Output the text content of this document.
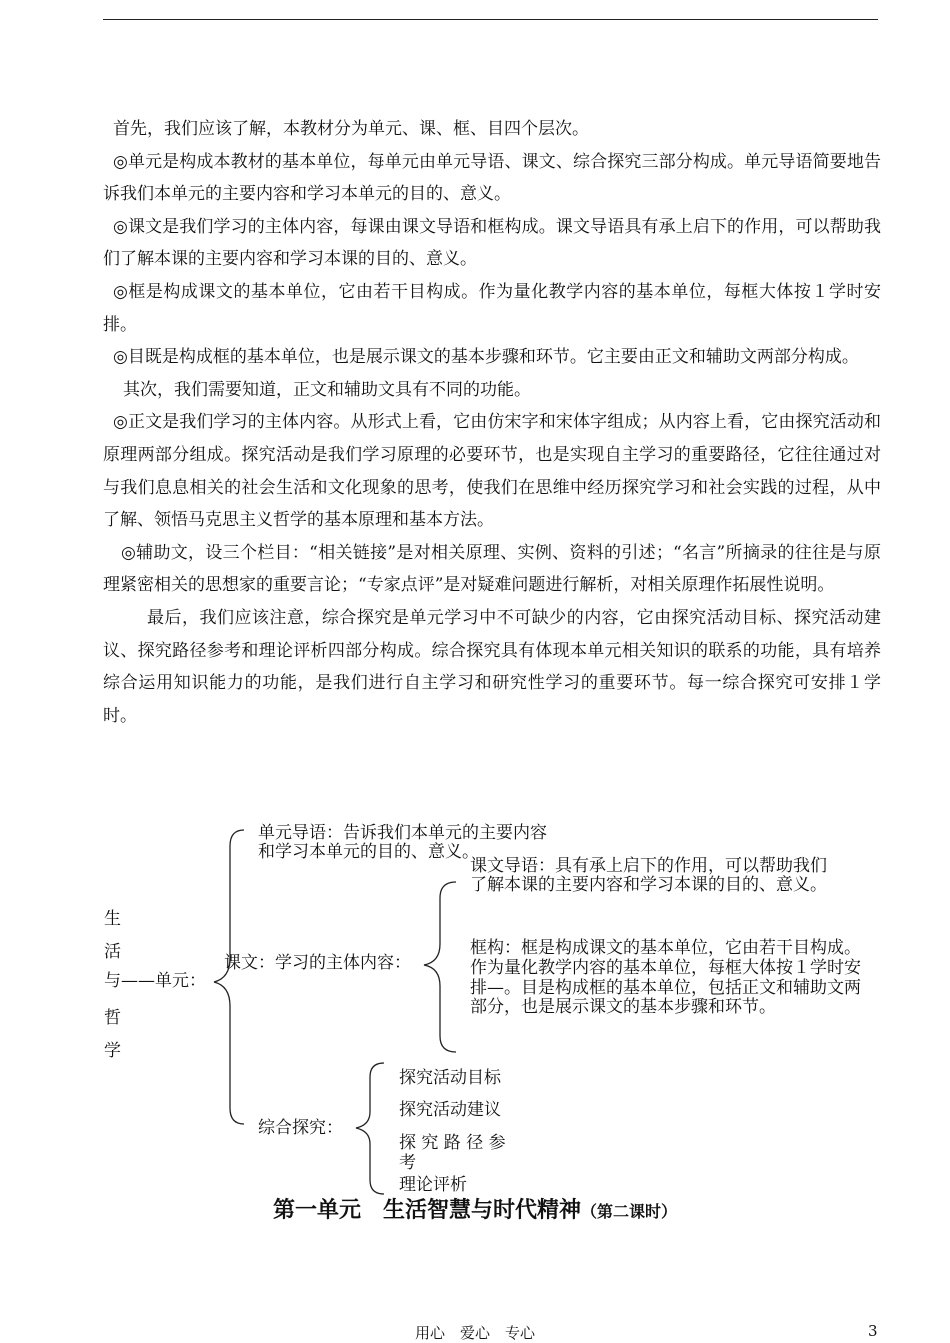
首先，我们应该了解，本教材分为单元、课、框、目四个层次。

◎单元是构成本教材的基本单位，每单元由单元导语、课文、综合探究三部分构成。单元导语简要地告诉我们本单元的主要内容和学习本单元的目的、意义。

◎课文是我们学习的主体内容，每课由课文导语和框构成。课文导语具有承上启下的作用，可以帮助我们了解本课的主要内容和学习本课的目的、意义。

◎框是构成课文的基本单位，它由若干目构成。作为量化教学内容的基本单位，每框大体按１学时安排。

◎目既是构成框的基本单位，也是展示课文的基本步骤和环节。它主要由正文和辅助文两部分构成。

其次，我们需要知道，正文和辅助文具有不同的功能。

◎正文是我们学习的主体内容。从形式上看，它由仿宋字和宋体字组成；从内容上看，它由探究活动和原理两部分组成。探究活动是我们学习原理的必要环节，也是实现自主学习的重要路径，它往往通过对与我们息息相关的社会生活和文化现象的思考，使我们在思维中经历探究学习和社会实践的过程，从中了解、领悟马克思主义哲学的基本原理和基本方法。

◎辅助文，设三个栏目：“相关链接”是对相关原理、实例、资料的引述；“名言”所摘录的往往是与原理紧密相关的思想家的重要言论；“专家点评”是对疑难问题进行解析，对相关原理作拓展性说明。

最后，我们应该注意，综合探究是单元学习中不可缺少的内容，它由探究活动目标、探究活动建议、探究路径参考和理论评析四部分构成。综合探究具有体现本单元相关知识的联系的功能，具有培养综合运用知识能力的功能，是我们进行自主学习和研究性学习的重要环节。每一综合探究可安排１学时。

生
活
与——单元：
哲
学
单元导语：告诉我们本单元的主要内容
和学习本单元的目的、意义。
课文：学习的主体内容：
课文导语：具有承上启下的作用，可以帮助我们
了解本课的主要内容和学习本课的目的、意义。
框构：框是构成课文的基本单位，它由若干目构成。
作为量化教学内容的基本单位，每框大体按１学时安
排—。目是构成框的基本单位，包括正文和辅助文两
部分，也是展示课文的基本步骤和环节。
综合探究：
探究活动目标
探究活动建议
探 究 路 径 参
考
理论评析
第一单元　生活智慧与时代精神（第二课时）
用心　爱心　专心	3
